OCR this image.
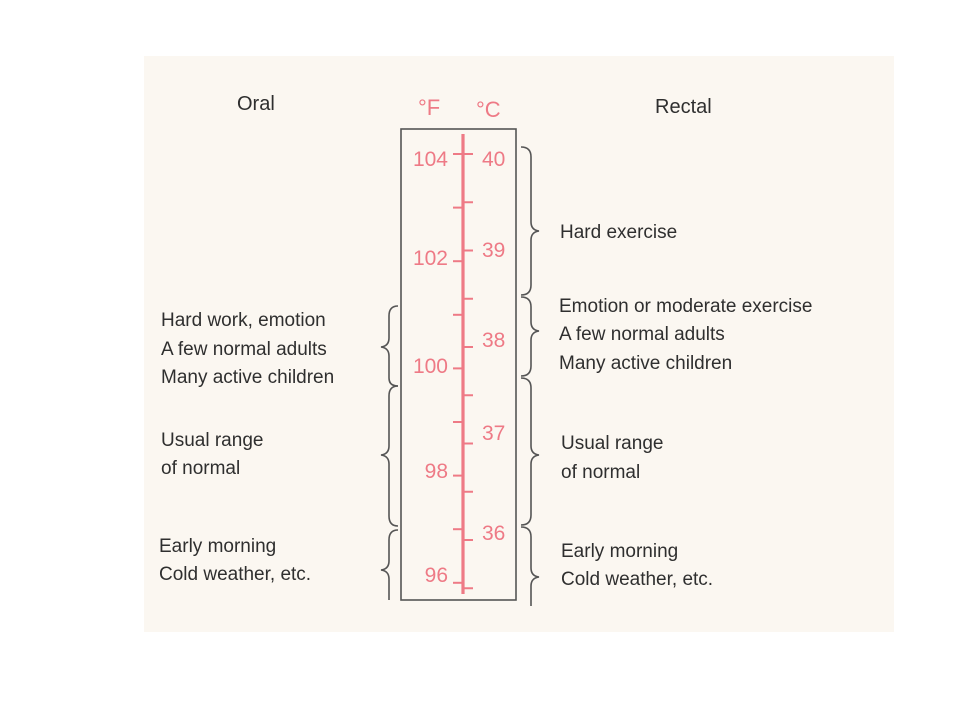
Oral	Rectal
°F °C
104
102
100
98
96
40
39
38
37
36
Hard work, emotion
A few normal adults
Many active children
Usual range
of normal
Early morning
Cold weather, etc.
Hard exercise
Emotion or moderate exercise
A few normal adults
Many active children
Usual range
of normal
Early morning
Cold weather, etc.
